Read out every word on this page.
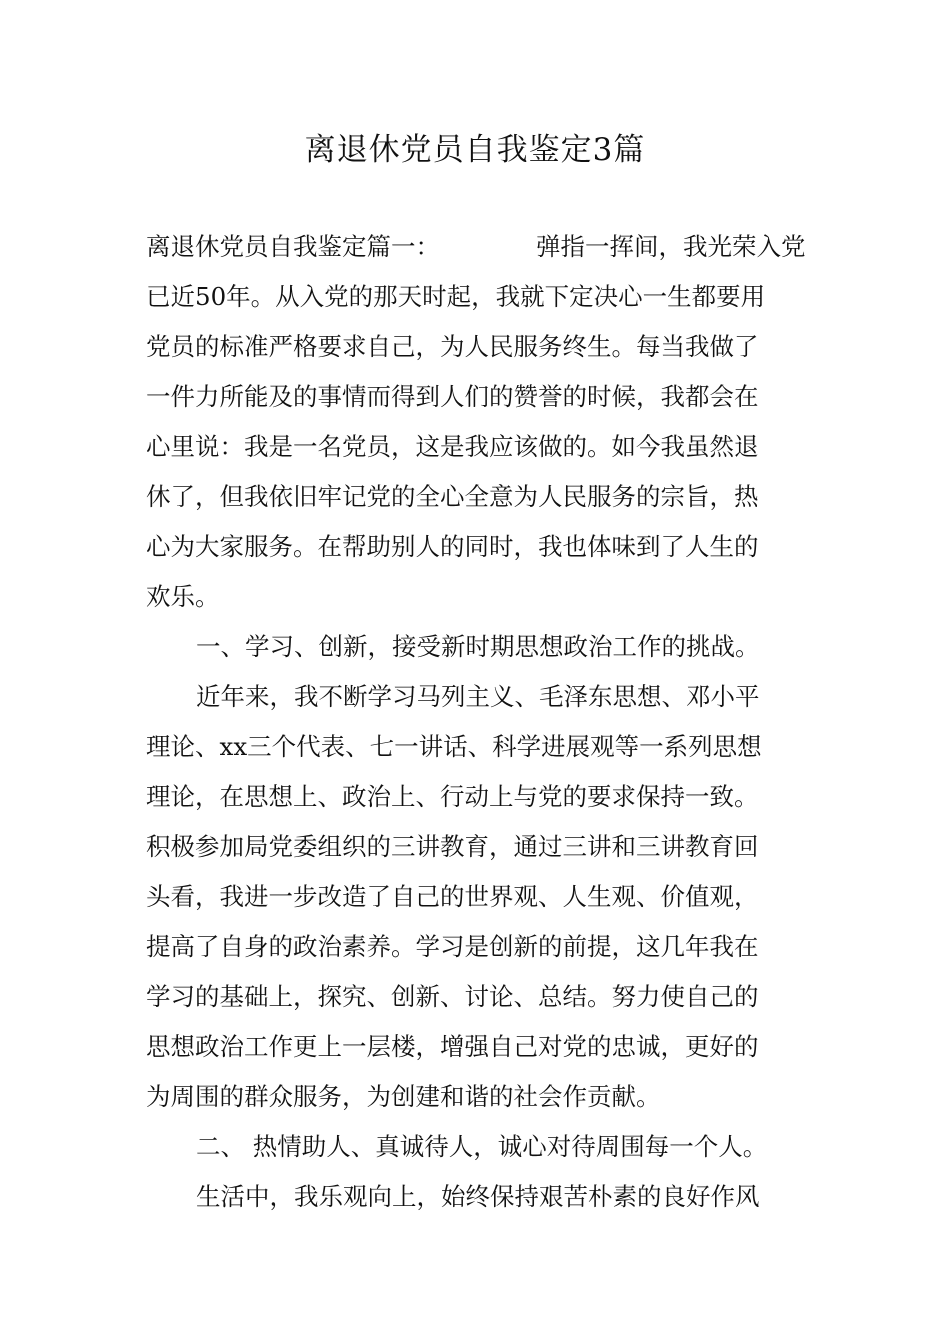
离退休党员自我鉴定3篇
离退休党员自我鉴定篇一：	弹指一挥间，我光荣入党
已近50年。从入党的那天时起，我就下定决心一生都要用
党员的标准严格要求自己，为人民服务终生。每当我做了
一件力所能及的事情而得到人们的赞誉的时候，我都会在
心里说：我是一名党员，这是我应该做的。如今我虽然退
休了，但我依旧牢记党的全心全意为人民服务的宗旨，热
心为大家服务。在帮助别人的同时，我也体味到了人生的
欢乐。
一、学习、创新，接受新时期思想政治工作的挑战。
近年来，我不断学习马列主义、毛泽东思想、邓小平
理论、xx三个代表、七一讲话、科学进展观等一系列思想
理论，在思想上、政治上、行动上与党的要求保持一致。
积极参加局党委组织的三讲教育，通过三讲和三讲教育回
头看，我进一步改造了自己的世界观、人生观、价值观，
提高了自身的政治素养。学习是创新的前提，这几年我在
学习的基础上，探究、创新、讨论、总结。努力使自己的
思想政治工作更上一层楼，增强自己对党的忠诚，更好的
为周围的群众服务，为创建和谐的社会作贡献。
二、 热情助人、真诚待人，诚心对待周围每一个人。
生活中，我乐观向上，始终保持艰苦朴素的良好作风
